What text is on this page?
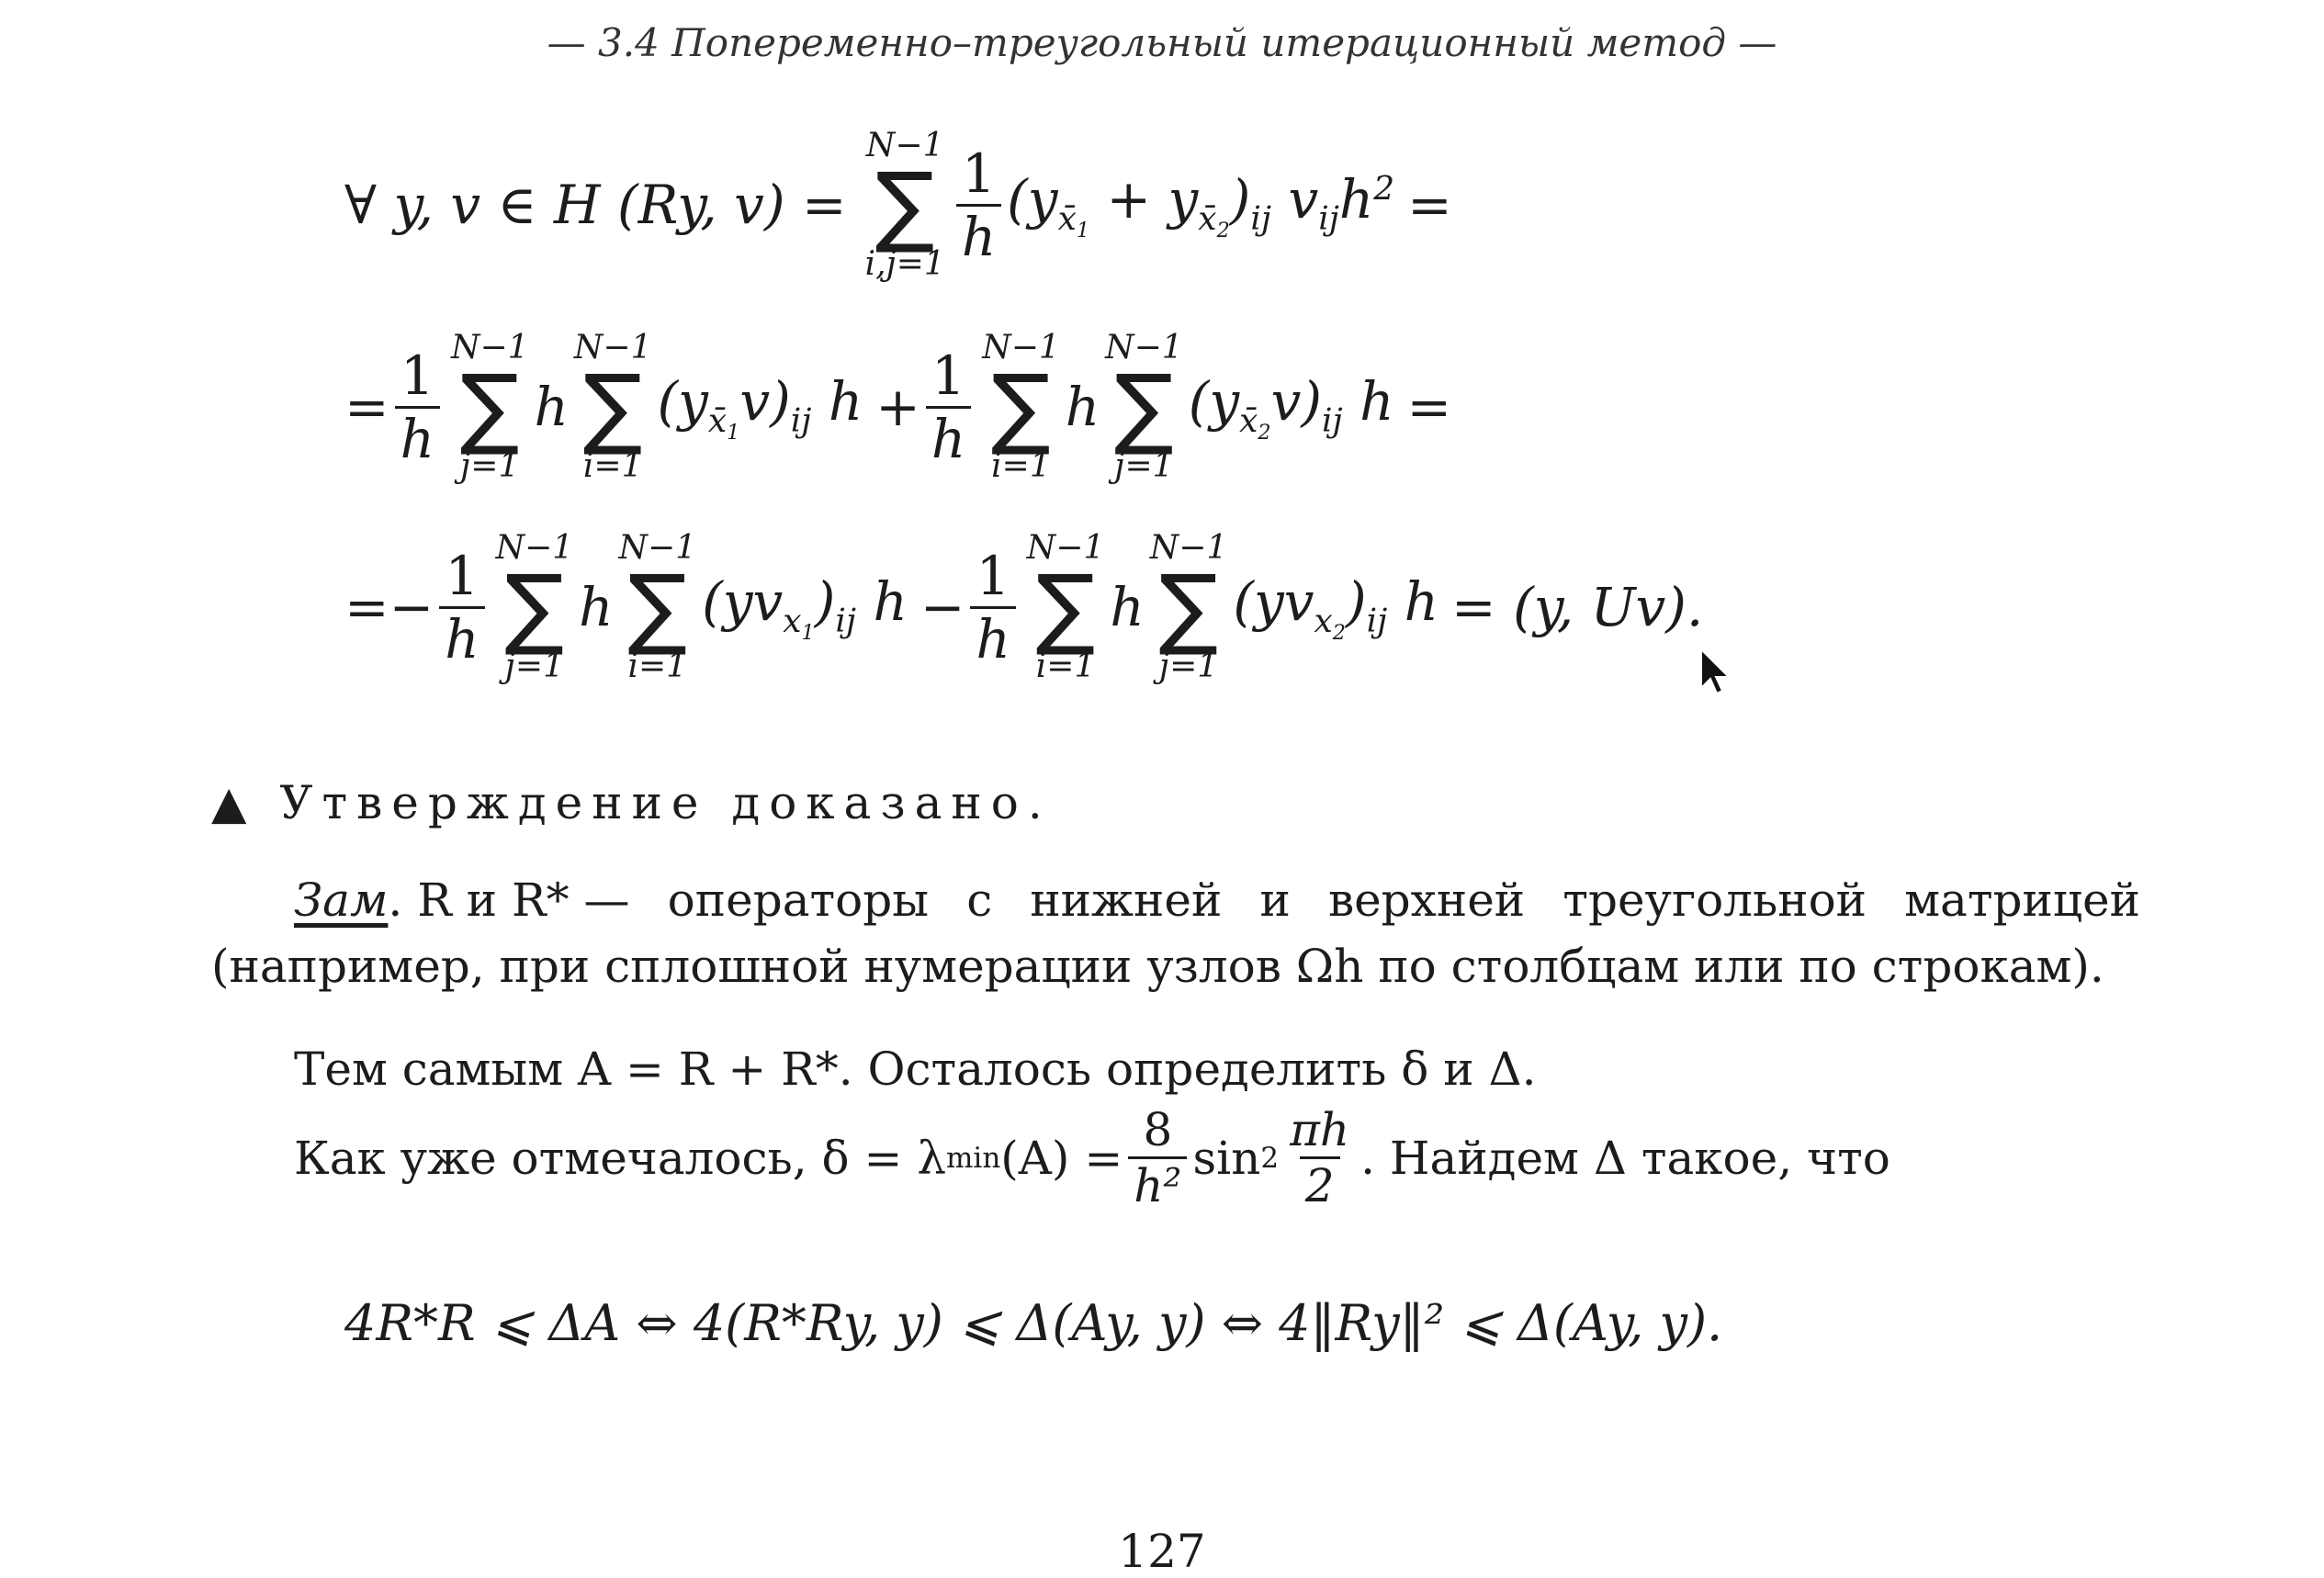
— 3.4 Попеременно–треугольный итерационный метод —
∀ y, v ∈ H (Ry, v) =
N−1
∑
i,j=1
$\frac{1}{h} (y_{x̄_1} + y_{x̄_2})_{ij}$ $v_{ij}h^2$ =
= $\frac{1}{h}$
N−1
∑
j=1
h
N−1
∑
i=1
$(y_{x̄_1}v)_{ij}$ $h + \frac{1}{h}$
N−1
∑
i=1
h
N−1
∑
j=1
$(y_{x̄_2}v)_{ij}$ h =
= − $\frac{1}{h}$
N−1
∑
j=1
h
N−1
∑
i=1
$(yv_{x_1})_{ij}$ $h - \frac{1}{h}$
N−1
∑
i=1
h
N−1
∑
j=1
$(yv_{x_2})_{ij}$ h = (y, Uv).
▲ Утверждение доказано.
Зам. R и R* — операторы с нижней и верхней треугольной матрицей
(например, при сплошной нумерации узлов Ωh по столбцам или по строкам).
Тем самым A = R + R*. Осталось определить δ и Δ.
Как уже отмечалось, δ = λ $\min (A) = \frac{8}{\text{h²}}$ $\sin 2 \frac{\pi h}{2}$ . Найдем Δ такое, что
4R*R ⩽ ΔA ⇔ 4(R*Ry, y) ⩽ Δ(Ay, y) ⇔ 4‖Ry‖² ⩽ Δ(Ay, y).
127
